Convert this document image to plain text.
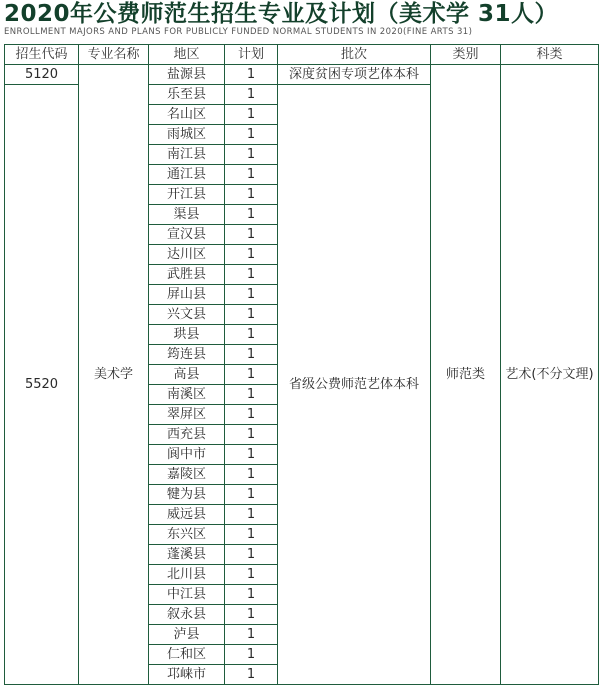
2020年公费师范生招生专业及计划（美术学 31人）
ENROLLMENT MAJORS AND PLANS FOR PUBLICLY FUNDED NORMAL STUDENTS IN 2020(FINE ARTS 31)
招生代码	专业名称	地区	计划	批次	类别	科类
5120	美术学	盐源县	1	深度贫困专项艺体本科	师范类	艺术(不分文理)
5520		乐至县	1	省级公费师范艺体本科		
		名山区	1			
		雨城区	1			
		南江县	1			
		通江县	1			
		开江县	1			
		渠县	1			
		宣汉县	1			
		达川区	1			
		武胜县	1			
		屏山县	1			
		兴文县	1			
		珙县	1			
		筠连县	1			
		高县	1			
		南溪区	1			
		翠屏区	1			
		西充县	1			
		阆中市	1			
		嘉陵区	1			
		犍为县	1			
		威远县	1			
		东兴区	1			
		蓬溪县	1			
		北川县	1			
		中江县	1			
		叙永县	1			
		泸县	1			
		仁和区	1			
		邛崃市	1			
